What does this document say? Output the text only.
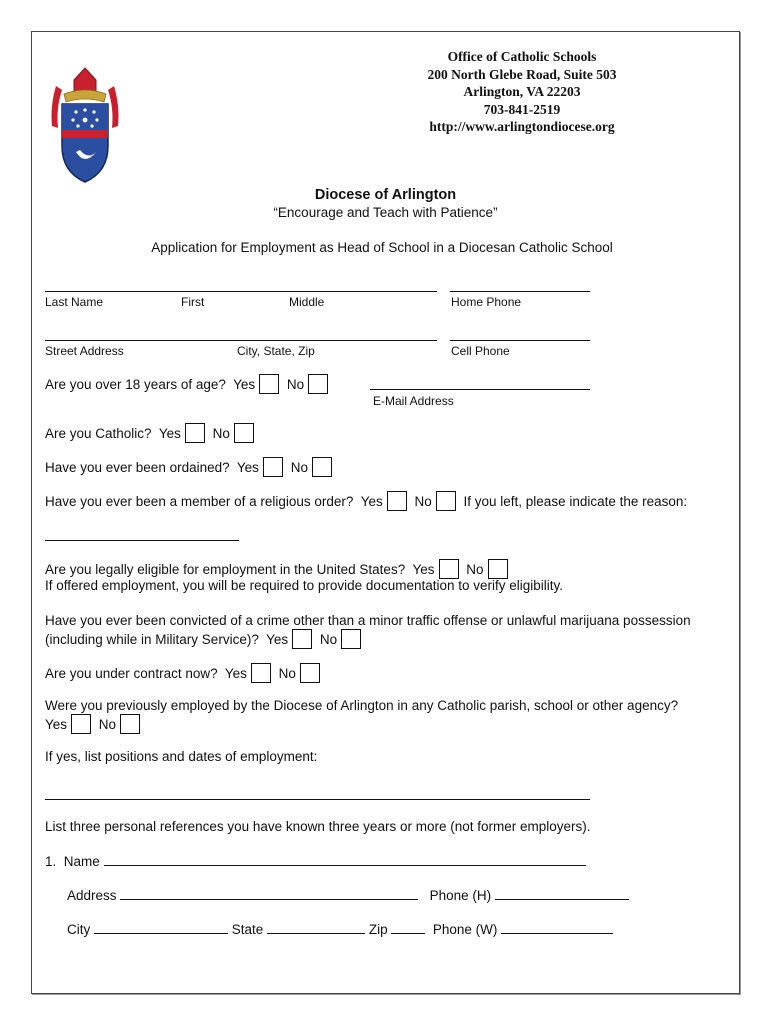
Office of Catholic Schools
200 North Glebe Road, Suite 503
Arlington, VA 22203
703-841-2519
http://www.arlingtondiocese.org
Diocese of Arlington
“Encourage and Teach with Patience”
Application for Employment as Head of School in a Diocesan Catholic School
Last Name	First	Middle	Home Phone
Street Address	City, State, Zip	Cell Phone
Are you over 18 years of age? Yes No
E-Mail Address
Are you Catholic? Yes No
Have you ever been ordained? Yes No
Have you ever been a member of a religious order? Yes No If you left, please indicate the reason:
Are you legally eligible for employment in the United States? Yes No
If offered employment, you will be required to provide documentation to verify eligibility.
Have you ever been convicted of a crime other than a minor traffic offense or unlawful marijuana possession
(including while in Military Service)? Yes No
Are you under contract now? Yes No
Were you previously employed by the Diocese of Arlington in any Catholic parish, school or other agency?
Yes No
If yes, list positions and dates of employment:
List three personal references you have known three years or more (not former employers).
1. Name
Address	Phone (H)
City	State	Zip	Phone (W)
